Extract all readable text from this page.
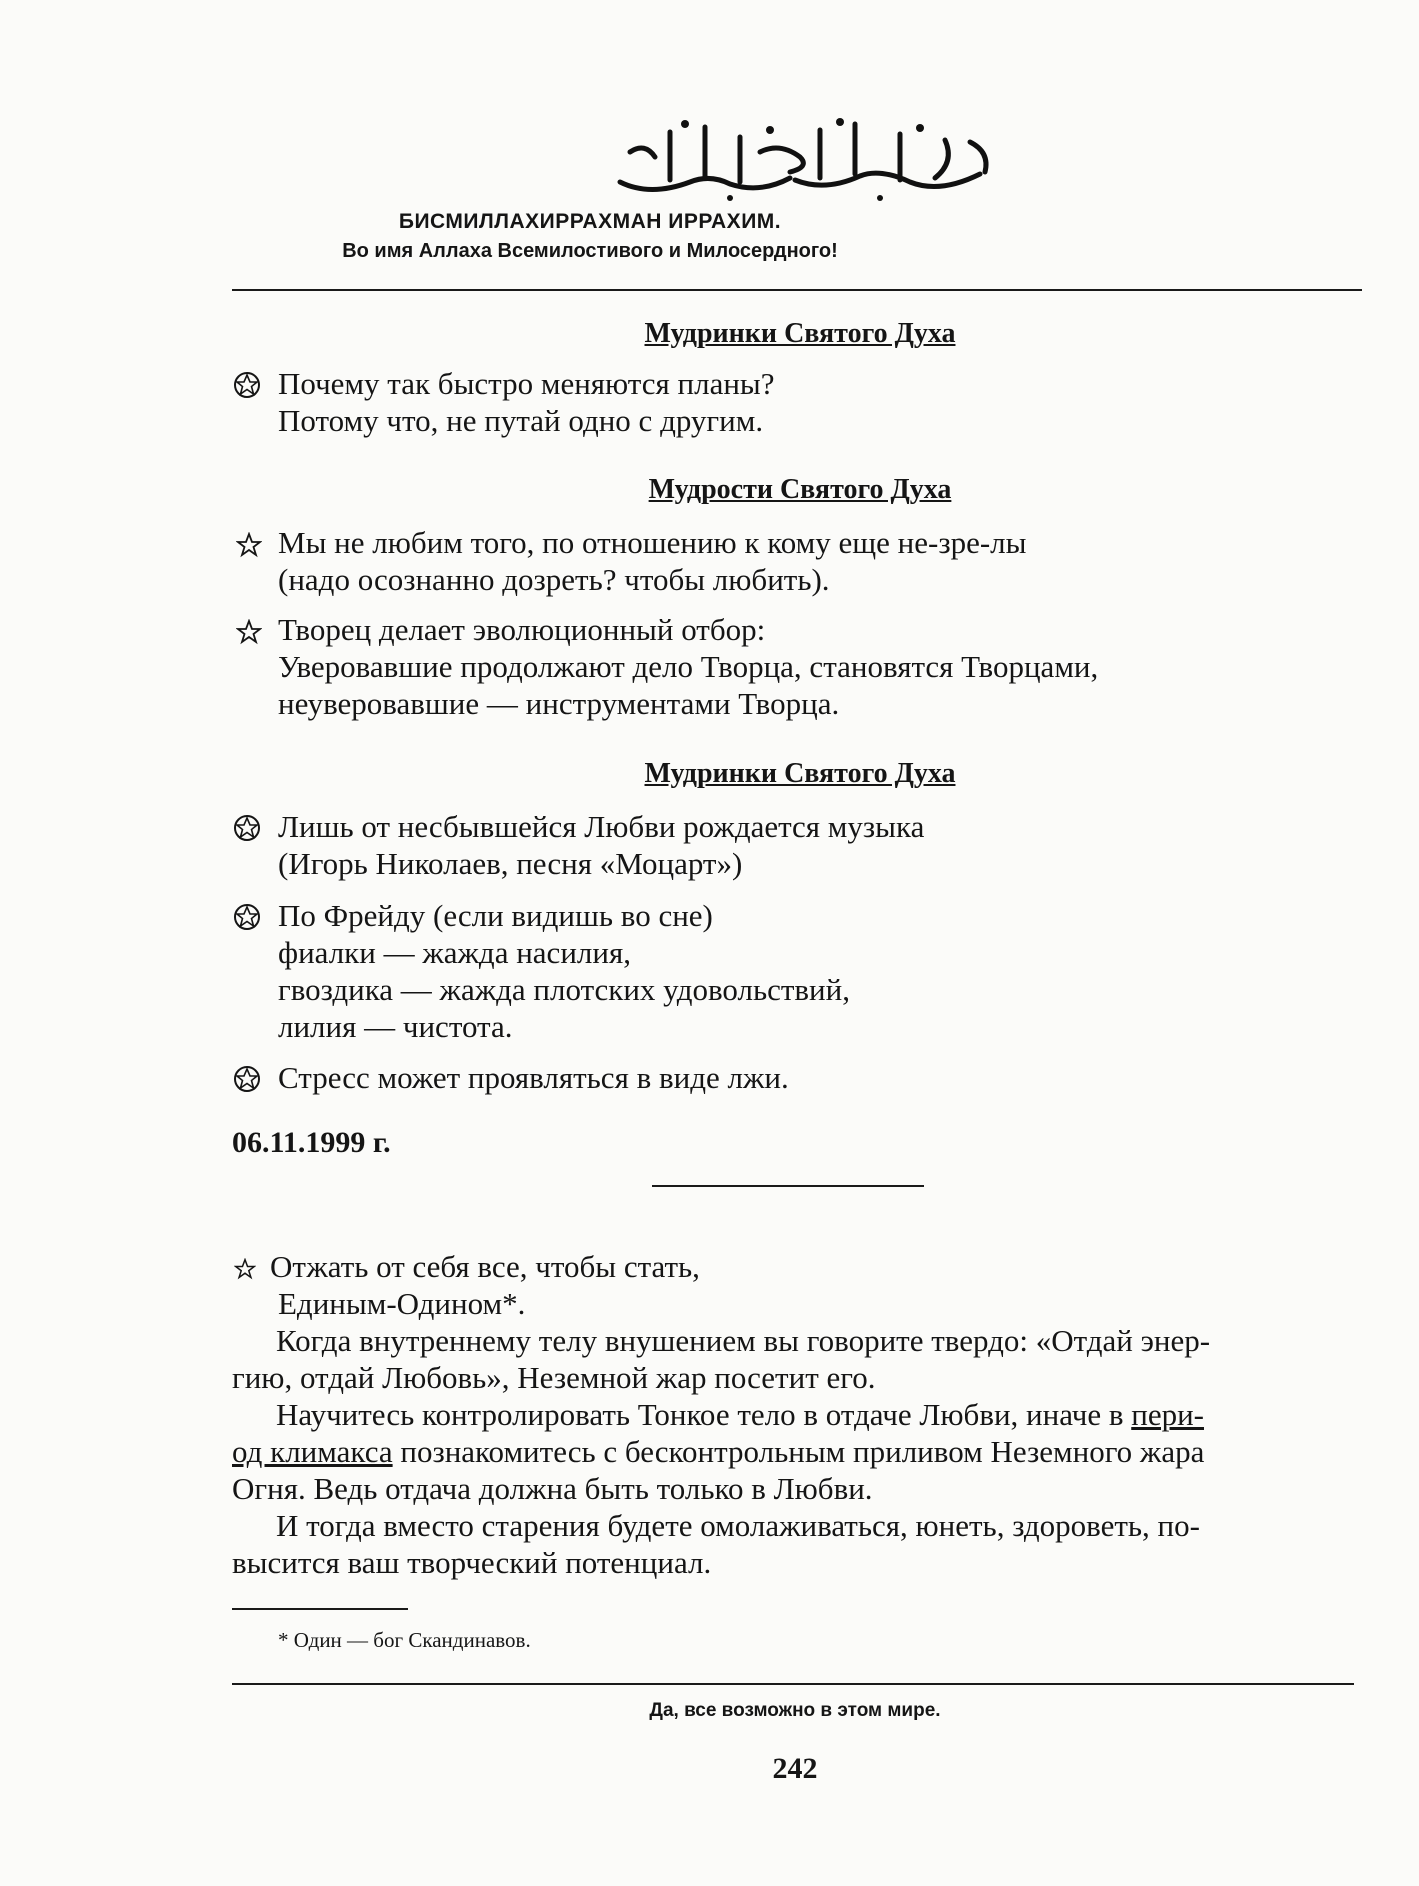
БИСМИЛЛАХИРРАХМАН ИРРАХИМ.
Во имя Аллаха Всемилостивого и Милосердного!
Мудринки Святого Духа
Почему так быстро меняются планы?
Потому что, не путай одно с другим.
Мудрости Святого Духа
Мы не любим того, по отношению к кому еще не-зре-лы
(надо осознанно дозреть? чтобы любить).
Творец делает эволюционный отбор:
Уверовавшие продолжают дело Творца, становятся Творцами,
неуверовавшие — инструментами Творца.
Мудринки Святого Духа
Лишь от несбывшейся Любви рождается музыка
(Игорь Николаев, песня «Моцарт»)
По Фрейду (если видишь во сне)
фиалки — жажда насилия,
гвоздика — жажда плотских удовольствий,
лилия — чистота.
Стресс может проявляться в виде лжи.
06.11.1999 г.
Отжать от себя все, чтобы стать,
Единым-Одином*.
Когда внутреннему телу внушением вы говорите твердо: «Отдай энер-
гию, отдай Любовь», Неземной жар посетит его.
Научитесь контролировать Тонкое тело в отдаче Любви, иначе в пери-
од климакса познакомитесь с бесконтрольным приливом Неземного жара
Огня. Ведь отдача должна быть только в Любви.
И тогда вместо старения будете омолаживаться, юнеть, здороветь, по-
высится ваш творческий потенциал.
* Один — бог Скандинавов.
Да, все возможно в этом мире.
242
